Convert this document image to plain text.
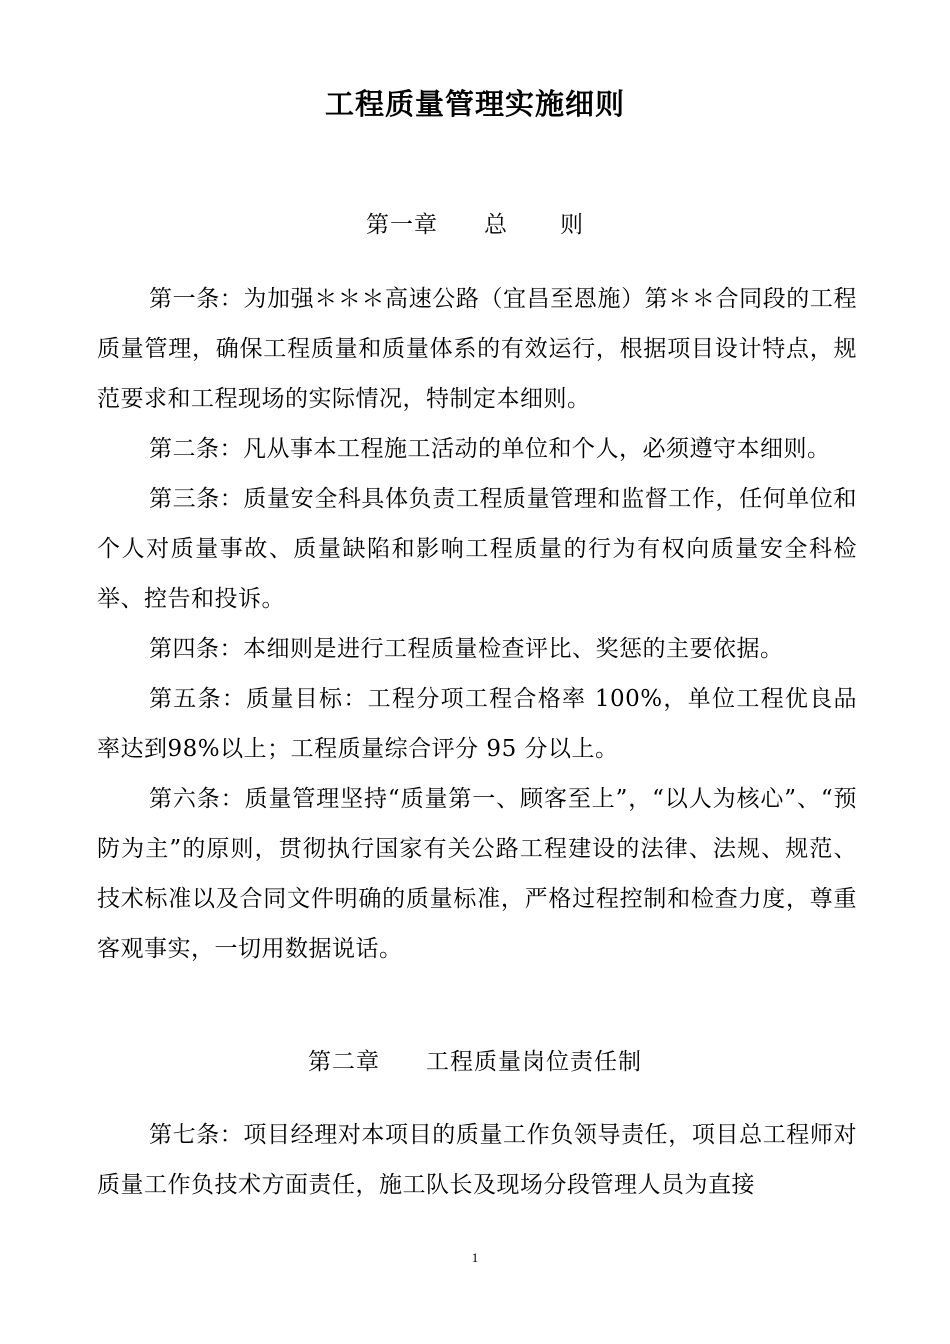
工程质量管理实施细则
第一章 总 则

第一条：为加强＊＊＊高速公路（宜昌至恩施）第＊＊合同段的工程质量管理，确保工程质量和质量体系的有效运行，根据项目设计特点，规范要求和工程现场的实际情况，特制定本细则。

第二条：凡从事本工程施工活动的单位和个人，必须遵守本细则。

第三条：质量安全科具体负责工程质量管理和监督工作，任何单位和个人对质量事故、质量缺陷和影响工程质量的行为有权向质量安全科检举、控告和投诉。

第四条：本细则是进行工程质量检查评比、奖惩的主要依据。

第五条：质量目标：工程分项工程合格率 100%，单位工程优良品率达到98%以上；工程质量综合评分 95 分以上。

第六条：质量管理坚持“质量第一、顾客至上”，“以人为核心”、“预防为主”的原则，贯彻执行国家有关公路工程建设的法律、法规、规范、技术标准以及合同文件明确的质量标准，严格过程控制和检查力度，尊重客观事实，一切用数据说话。

第二章 工程质量岗位责任制

第七条：项目经理对本项目的质量工作负领导责任，项目总工程师对质量工作负技术方面责任，施工队长及现场分段管理人员为直接

1
